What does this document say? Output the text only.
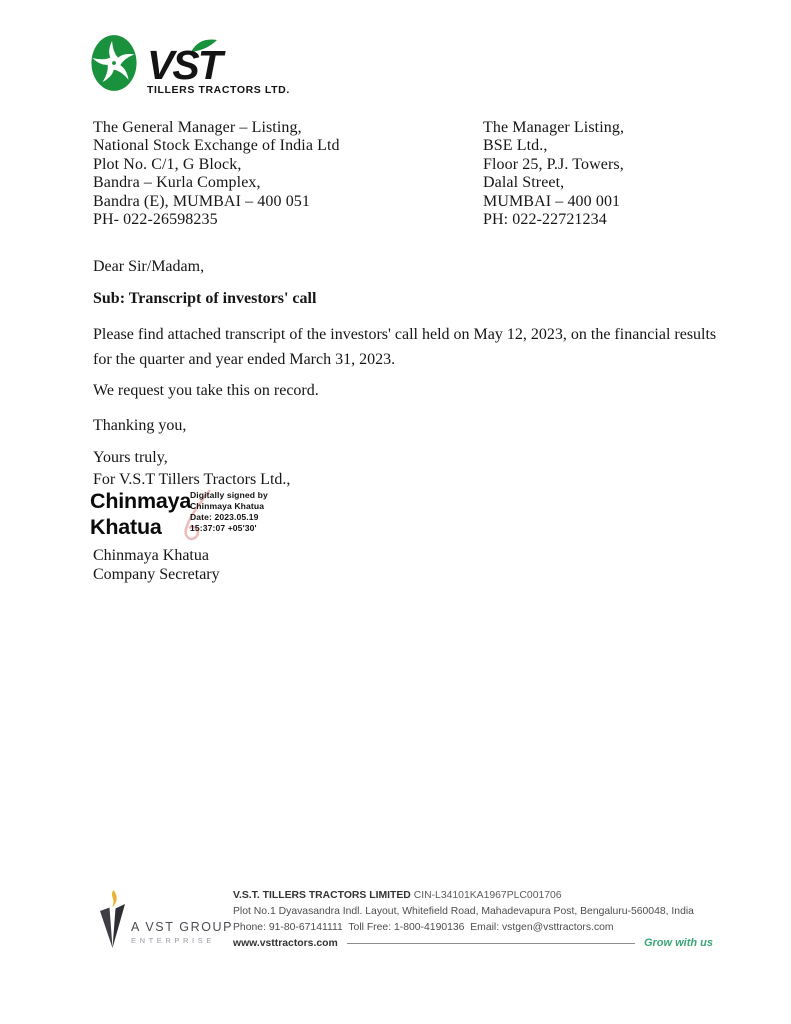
VST
TILLERS TRACTORS LTD.
The General Manager – Listing,
National Stock Exchange of India Ltd
Plot No. C/1, G Block,
Bandra – Kurla Complex,
Bandra (E), MUMBAI – 400 051
PH- 022-26598235
The Manager Listing,
BSE Ltd.,
Floor 25, P.J. Towers,
Dalal Street,
MUMBAI – 400 001
PH: 022-22721234
Dear Sir/Madam,
Sub: Transcript of investors' call
Please find attached transcript of the investors' call held on May 12, 2023, on the financial results for the quarter and year ended March 31, 2023.
We request you take this on record.
Thanking you,
Yours truly,
For V.S.T Tillers Tractors Ltd.,
Chinmaya
Khatua
Digitally signed by
Chinmaya Khatua
Date: 2023.05.19
15:37:07 +05'30'
Chinmaya Khatua
Company Secretary
A VST GROUP
ENTERPRISE
V.S.T. TILLERS TRACTORS LIMITED CIN-L34101KA1967PLC001706
Plot No.1 Dyavasandra Indl. Layout, Whitefield Road, Mahadevapura Post, Bengaluru-560048, India
Phone: 91-80-67141111  Toll Free: 1-800-4190136  Email: vstgen@vsttractors.com
www.vsttractors.com	Grow with us
